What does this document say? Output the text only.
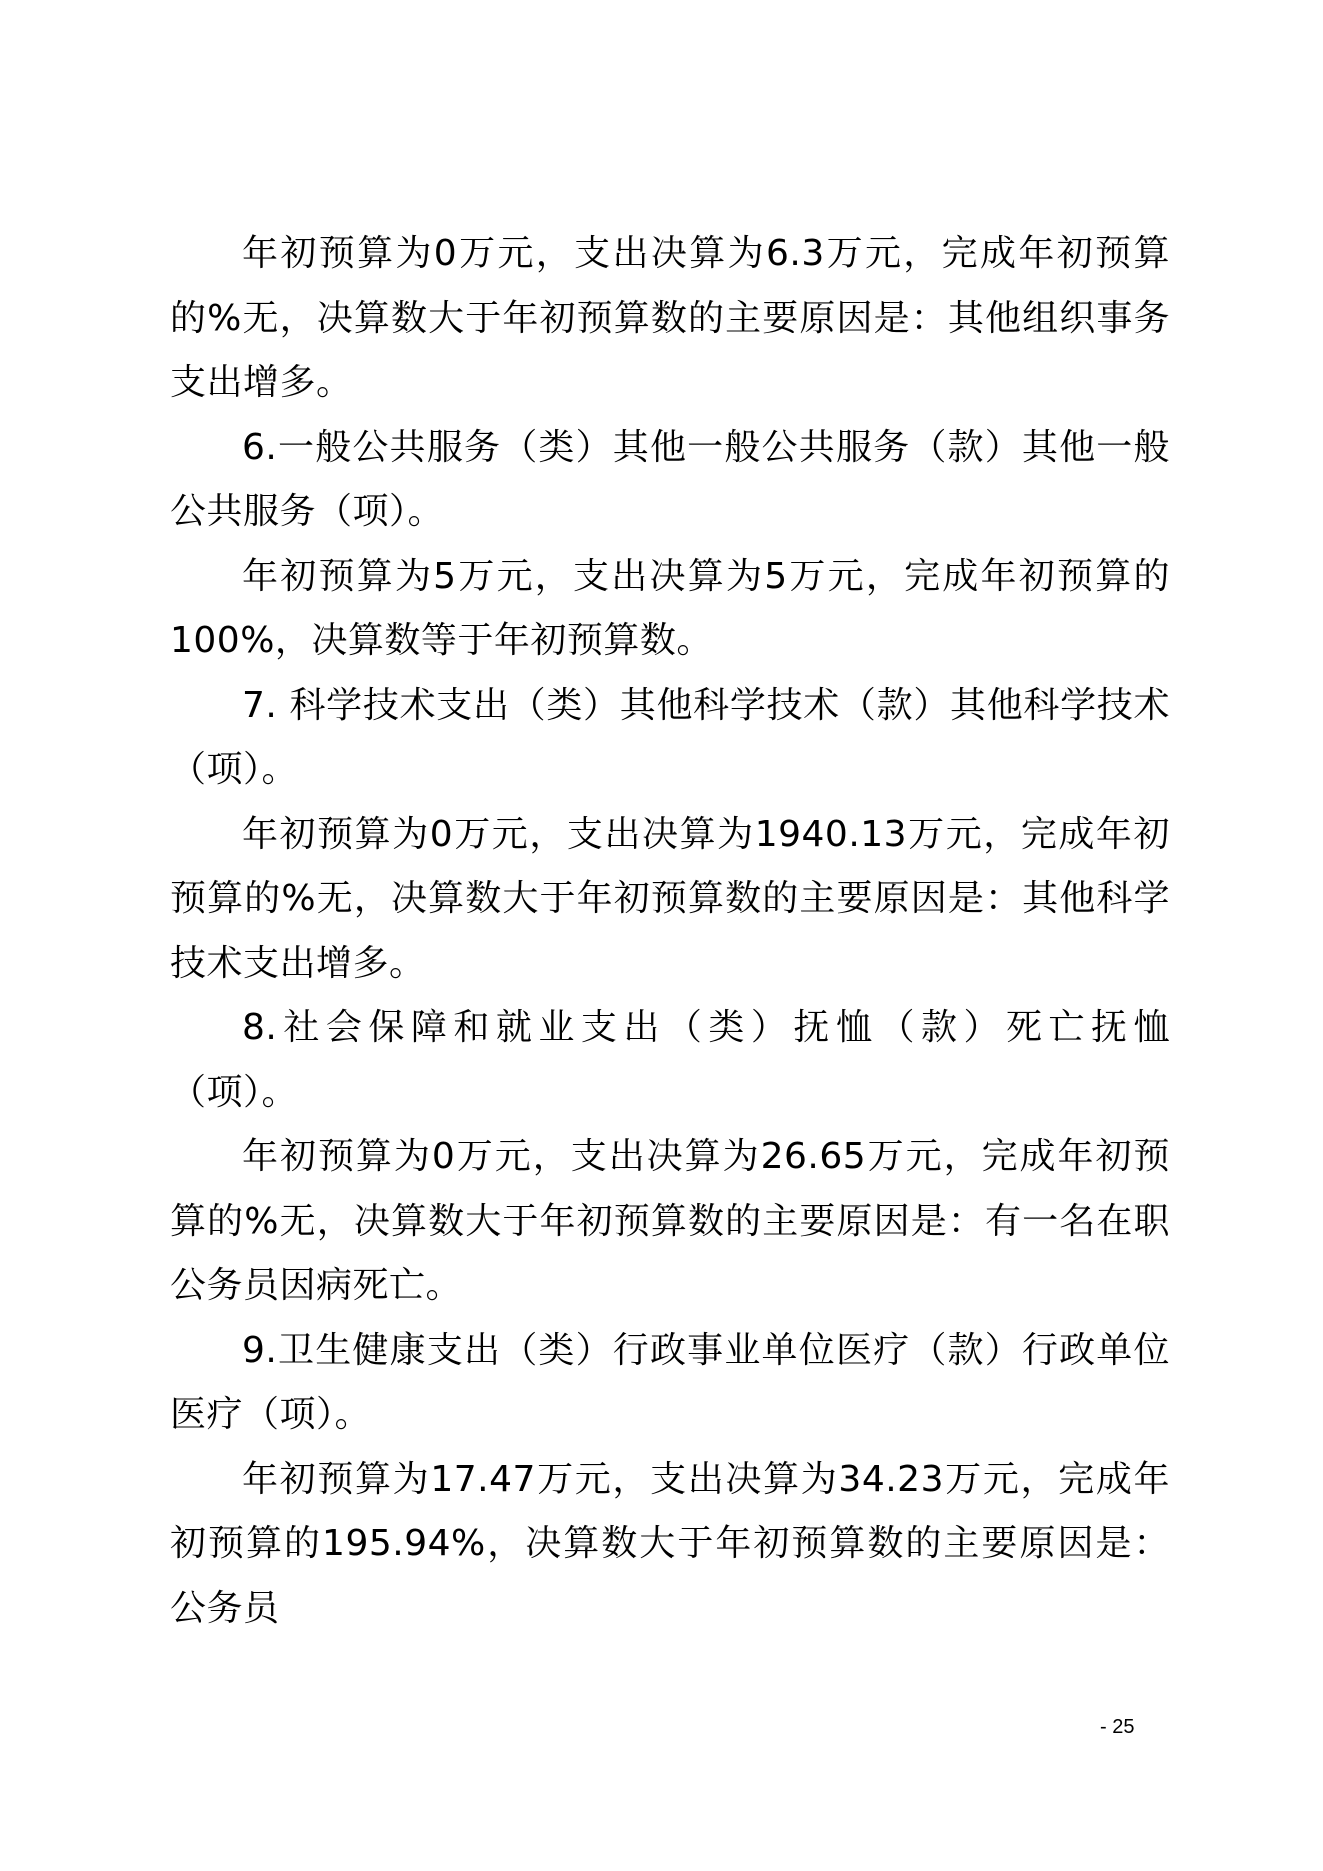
年初预算为0万元，支出决算为6.3万元，完成年初预算的%无，决算数大于年初预算数的主要原因是：其他组织事务支出增多。

6.一般公共服务（类）其他一般公共服务（款）其他一般公共服务（项）。

年初预算为5万元，支出决算为5万元，完成年初预算的100%，决算数等于年初预算数。

7. 科学技术支出（类）其他科学技术（款）其他科学技术（项）。

年初预算为0万元，支出决算为1940.13万元，完成年初预算的%无，决算数大于年初预算数的主要原因是：其他科学技术支出增多。

8.社会保障和就业支出（类）抚恤（款）死亡抚恤（项）。

年初预算为0万元，支出决算为26.65万元，完成年初预算的%无，决算数大于年初预算数的主要原因是：有一名在职公务员因病死亡。

9.卫生健康支出（类）行政事业单位医疗（款）行政单位医疗（项）。

年初预算为17.47万元，支出决算为34.23万元，完成年初预算的195.94%，决算数大于年初预算数的主要原因是：公务员

- 25
